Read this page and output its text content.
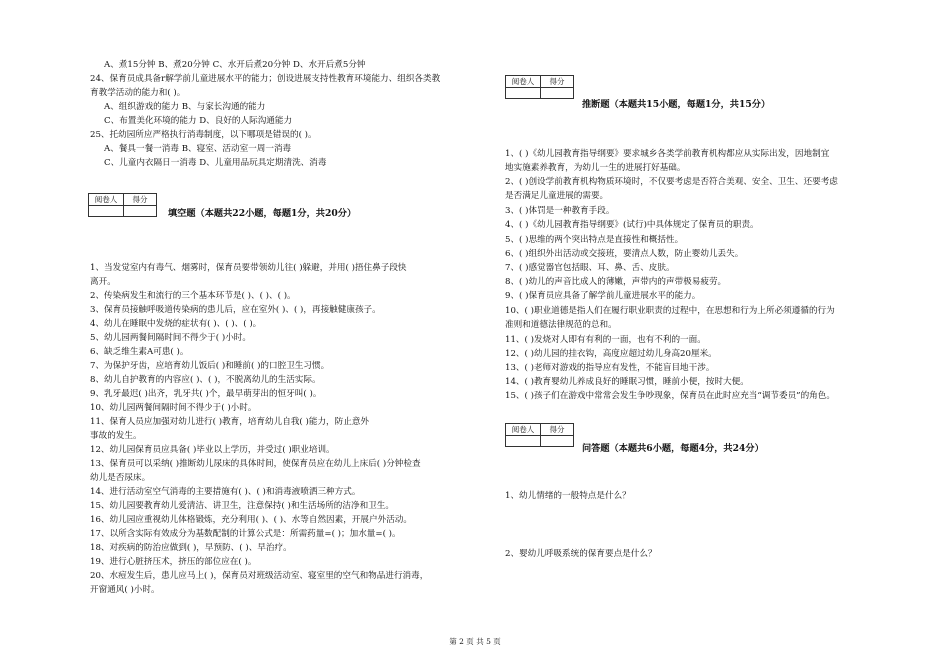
A、煮15分钟 B、煮20分钟 C、水开后煮20分钟 D、水开后煮5分钟
24、保育员成具备r解学前儿童进展水平的能力；创设进展支持性教育环境能力、组织各类教
育教学活动的能力和( )。
A、组织游戏的能力 B、与家长沟通的能力
C、布置美化环境的能力 D、良好的人际沟通能力
25、托幼园所应严格执行消毒制度，以下哪项是错误的( )。
A、餐具一餐一消毒 B、寝室、活动室一周一消毒
C、儿童内衣隔日一消毒 D、儿童用品玩具定期清洗、消毒
阅卷人	得分

填空题（本题共22小题，每题1分，共20分）
1、当发觉室内有毒气、烟雾时，保育员要带领幼儿往( )躲避，并用( )捂住鼻子段快
离开。
2、传染病发生和流行的三个基本环节是( )、( )、( )。
3、保育员接触呼吸道传染病的患儿后，应在室外( )、( )，再接触健康孩子。
4、幼儿在睡眠中发烧的症状有( )、( )、( )。
5、幼儿园两餐间隔时间不得少于( )小时。
6、缺乏维生素A可患( )。
7、为保护牙齿，应培育幼儿饭后( )和睡前( )的口腔卫生习惯。
8、幼儿自护教育的内容应( )、( )，不脱离幼儿的生活实际。
9、乳牙最迟( )出齐，乳牙共( )个，最早萌芽出的恒牙叫( )。
10、幼儿园两餐间隔时间不得少于( )小时。
11、保育人员应加强对幼儿进行( )教育，培育幼儿自我( )能力，防止意外
事故的发生。
12、幼儿园保育员应具备( )毕业以上学历，并受过( )职业培训。
13、保育员可以采纳( )推断幼儿尿床的具体时间，使保育员应在幼儿上床后( )分钟检查
幼儿是否尿床。
14、进行活动室空气消毒的主要措施有( )、( )和消毒液喷洒三种方式。
15、幼儿园要教育幼儿爱清洁、讲卫生，注意保持( )和生活场所的洁净和卫生。
16、幼儿园应重视幼儿体格锻炼，充分利用( )、( )、水等自然因素，开展户外活动。
17、以所含实际有效成分为基数配制的计算公式是：所需药量=( )；加水量=( )。
18、对疾病的防治应做到( )，早预防、( )、早治疗。
19、进行心脏挤压术，挤压的部位应在( )。
20、水痘发生后，患儿应马上( )，保育员对班级活动室、寝室里的空气和物品进行消毒，
开窗通风( )小时。
阅卷人	得分

推断题（本题共15小题，每题1分，共15分）
1、( )《幼儿园教育指导纲要》要求城乡各类学前教育机构都应从实际出发，因地制宜
地实施素养教育，为幼儿一生的进展打好基础。
2、( )创设学前教育机构物质环境时，不仅要考虑是否符合美观、安全、卫生、还要考虑
是否满足儿童进展的需要。
3、( )体罚是一种教育手段。
4、( )《幼儿园教育指导纲要》(试行)中具体规定了保育员的职责。
5、( )思维的两个突出特点是直接性和概括性。
6、( )组织外出活动或交接班，要清点人数，防止婴幼儿丢失。
7、( )感觉器官包括眼、耳、鼻、舌、皮肤。
8、( )幼儿的声音比成人的薄嫩，声带内的声带极易疲劳。
9、( )保育员应具备了解学前儿童进展水平的能力。
10、( )职业道德是指人们在履行职业职责的过程中，在思想和行为上所必须遵循的行为
准则和道德法律规范的总和。
11、( )发烧对人即有有利的一面，也有不利的一面。
12、( )幼儿园的挂衣钩，高度应超过幼儿身高20厘米。
13、( )老师对游戏的指导应有发性，不能盲目地干涉。
14、( )教育婴幼儿养成良好的睡眠习惯，睡前小便，按时大便。
15、( )孩子们在游戏中常常会发生争吵现象，保育员在此时应充当“调节委员”的角色。
阅卷人	得分

问答题（本题共6小题，每题4分，共24分）
1、幼儿情绪的一般特点是什么？
2、婴幼儿呼吸系统的保育要点是什么？
第 2 页 共 5 页
